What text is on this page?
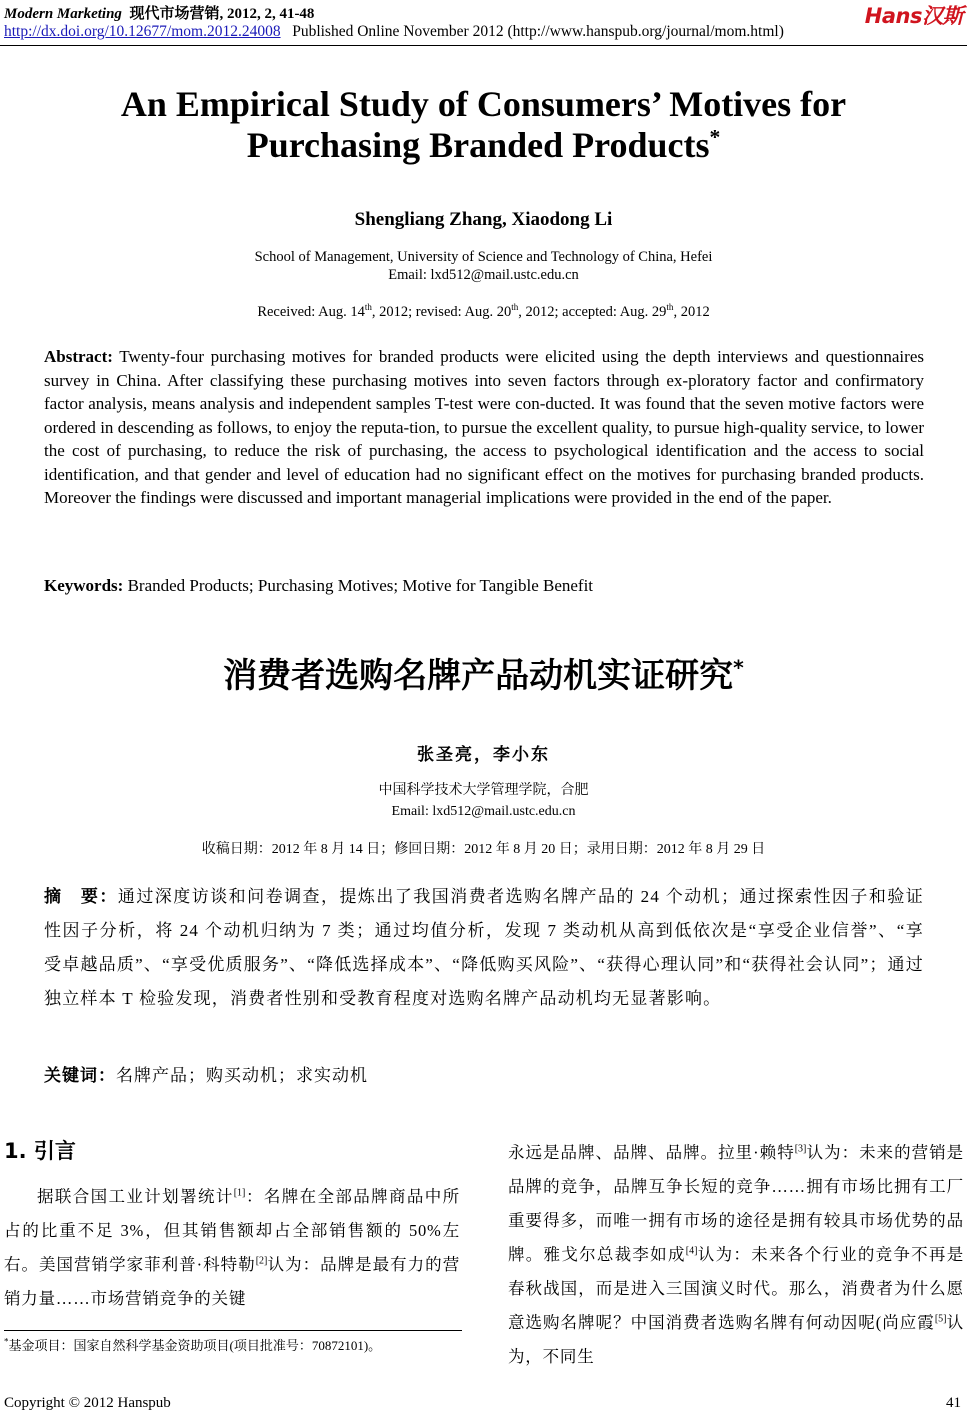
Modern Marketing 现代市场营销, 2012, 2, 41-48
http://dx.doi.org/10.12677/mom.2012.24008 Published Online November 2012 (http://www.hanspub.org/journal/mom.html)
Hans汉斯
An Empirical Study of Consumers’ Motives for
Purchasing Branded Products*
Shengliang Zhang, Xiaodong Li
School of Management, University of Science and Technology of China, Hefei
Email: lxd512@mail.ustc.edu.cn
Received: Aug. 14th, 2012; revised: Aug. 20th, 2012; accepted: Aug. 29th, 2012
Abstract: Twenty-four purchasing motives for branded products were elicited using the depth interviews and questionnaires survey in China. After classifying these purchasing motives into seven factors through ex-ploratory factor and confirmatory factor analysis, means analysis and independent samples T-test were con-ducted. It was found that the seven motive factors were ordered in descending as follows, to enjoy the reputa-tion, to pursue the excellent quality, to pursue high-quality service, to lower the cost of purchasing, to reduce the risk of purchasing, the access to psychological identification and the access to social identification, and that gender and level of education had no significant effect on the motives for purchasing branded products. Moreover the findings were discussed and important managerial implications were provided in the end of the paper.
Keywords: Branded Products; Purchasing Motives; Motive for Tangible Benefit
消费者选购名牌产品动机实证研究*
张圣亮，李小东
中国科学技术大学管理学院，合肥
Email: lxd512@mail.ustc.edu.cn
收稿日期：2012 年 8 月 14 日；修回日期：2012 年 8 月 20 日；录用日期：2012 年 8 月 29 日
摘　要：通过深度访谈和问卷调查，提炼出了我国消费者选购名牌产品的 24 个动机；通过探索性因子和验证性因子分析，将 24 个动机归纳为 7 类；通过均值分析，发现 7 类动机从高到低依次是“享受企业信誉”、“享受卓越品质”、“享受优质服务”、“降低选择成本”、“降低购买风险”、“获得心理认同”和“获得社会认同”；通过独立样本 T 检验发现，消费者性别和受教育程度对选购名牌产品动机均无显著影响。
关键词：名牌产品；购买动机；求实动机
1. 引言
据联合国工业计划署统计[1]：名牌在全部品牌商品中所占的比重不足 3%，但其销售额却占全部销售额的 50%左右。美国营销学家菲利普·科特勒[2]认为：品牌是最有力的营销力量……市场营销竞争的关键
永远是品牌、品牌、品牌。拉里·赖特[3]认为：未来的营销是品牌的竞争，品牌互争长短的竞争……拥有市场比拥有工厂重要得多，而唯一拥有市场的途径是拥有较具市场优势的品牌。雅戈尔总裁李如成[4]认为：未来各个行业的竞争不再是春秋战国，而是进入三国演义时代。那么，消费者为什么愿意选购名牌呢？中国消费者选购名牌有何动因呢(尚应霞[5]认为，不同生
*基金项目：国家自然科学基金资助项目(项目批准号：70872101)。
Copyright © 2012 Hanspub	41
